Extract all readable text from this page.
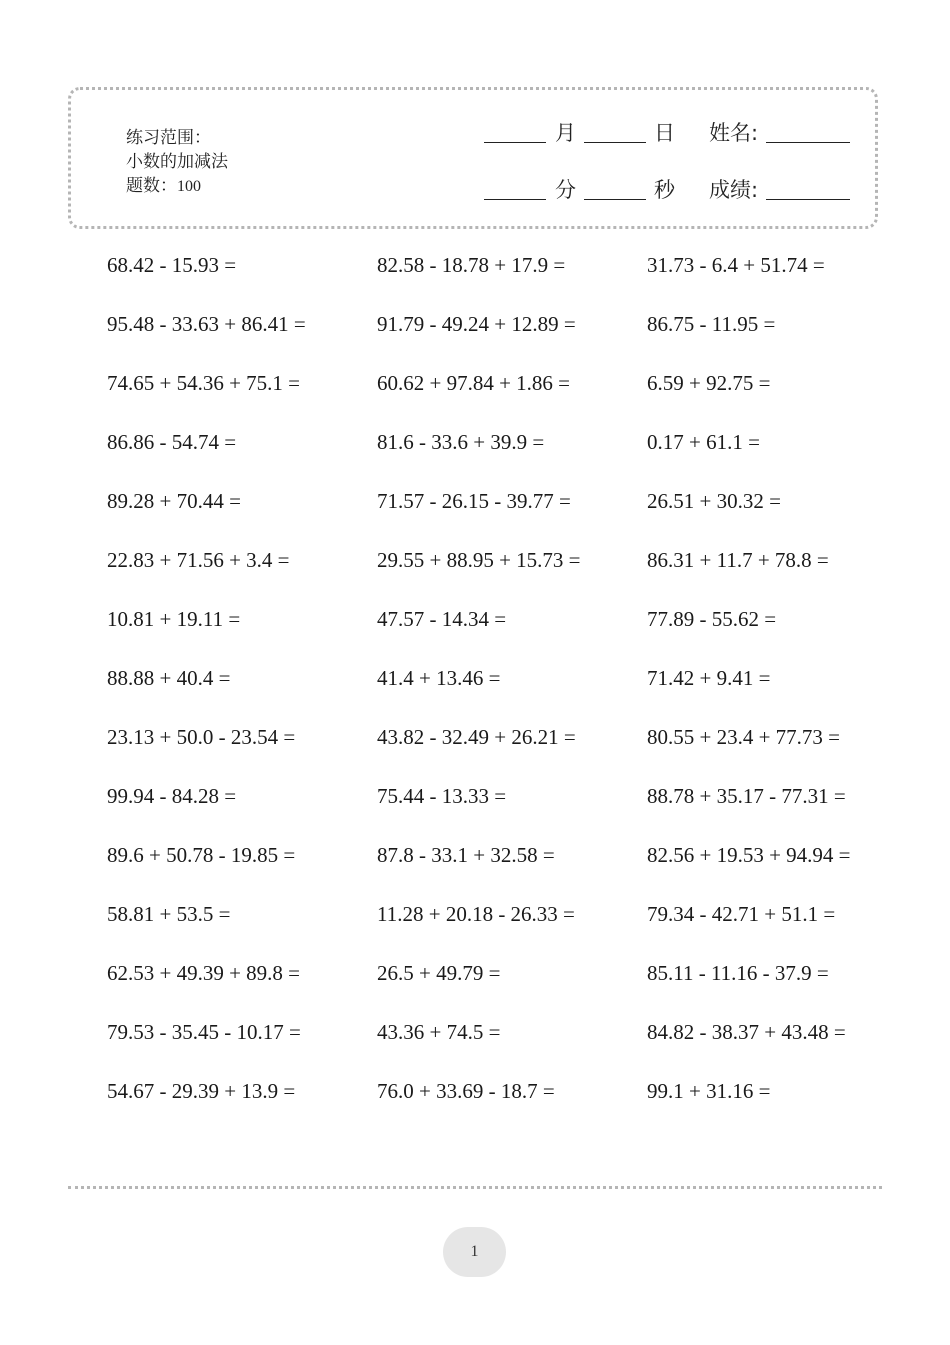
练习范围：
小数的加减法
题数：100
月	日 姓名:
分	秒 成绩:
68.42 - 15.93 =	82.58 - 18.78 + 17.9 =	31.73 - 6.4 + 51.74 =
95.48 - 33.63 + 86.41 =	91.79 - 49.24 + 12.89 =	86.75 - 11.95 =
74.65 + 54.36 + 75.1 =	60.62 + 97.84 + 1.86 =	6.59 + 92.75 =
86.86 - 54.74 =	81.6 - 33.6 + 39.9 =	0.17 + 61.1 =
89.28 + 70.44 =	71.57 - 26.15 - 39.77 =	26.51 + 30.32 =
22.83 + 71.56 + 3.4 =	29.55 + 88.95 + 15.73 =	86.31 + 11.7 + 78.8 =
10.81 + 19.11 =	47.57 - 14.34 =	77.89 - 55.62 =
88.88 + 40.4 =	41.4 + 13.46 =	71.42 + 9.41 =
23.13 + 50.0 - 23.54 =	43.82 - 32.49 + 26.21 =	80.55 + 23.4 + 77.73 =
99.94 - 84.28 =	75.44 - 13.33 =	88.78 + 35.17 - 77.31 =
89.6 + 50.78 - 19.85 =	87.8 - 33.1 + 32.58 =	82.56 + 19.53 + 94.94 =
58.81 + 53.5 =	11.28 + 20.18 - 26.33 =	79.34 - 42.71 + 51.1 =
62.53 + 49.39 + 89.8 =	26.5 + 49.79 =	85.11 - 11.16 - 37.9 =
79.53 - 35.45 - 10.17 =	43.36 + 74.5 =	84.82 - 38.37 + 43.48 =
54.67 - 29.39 + 13.9 =	76.0 + 33.69 - 18.7 =	99.1 + 31.16 =
1
